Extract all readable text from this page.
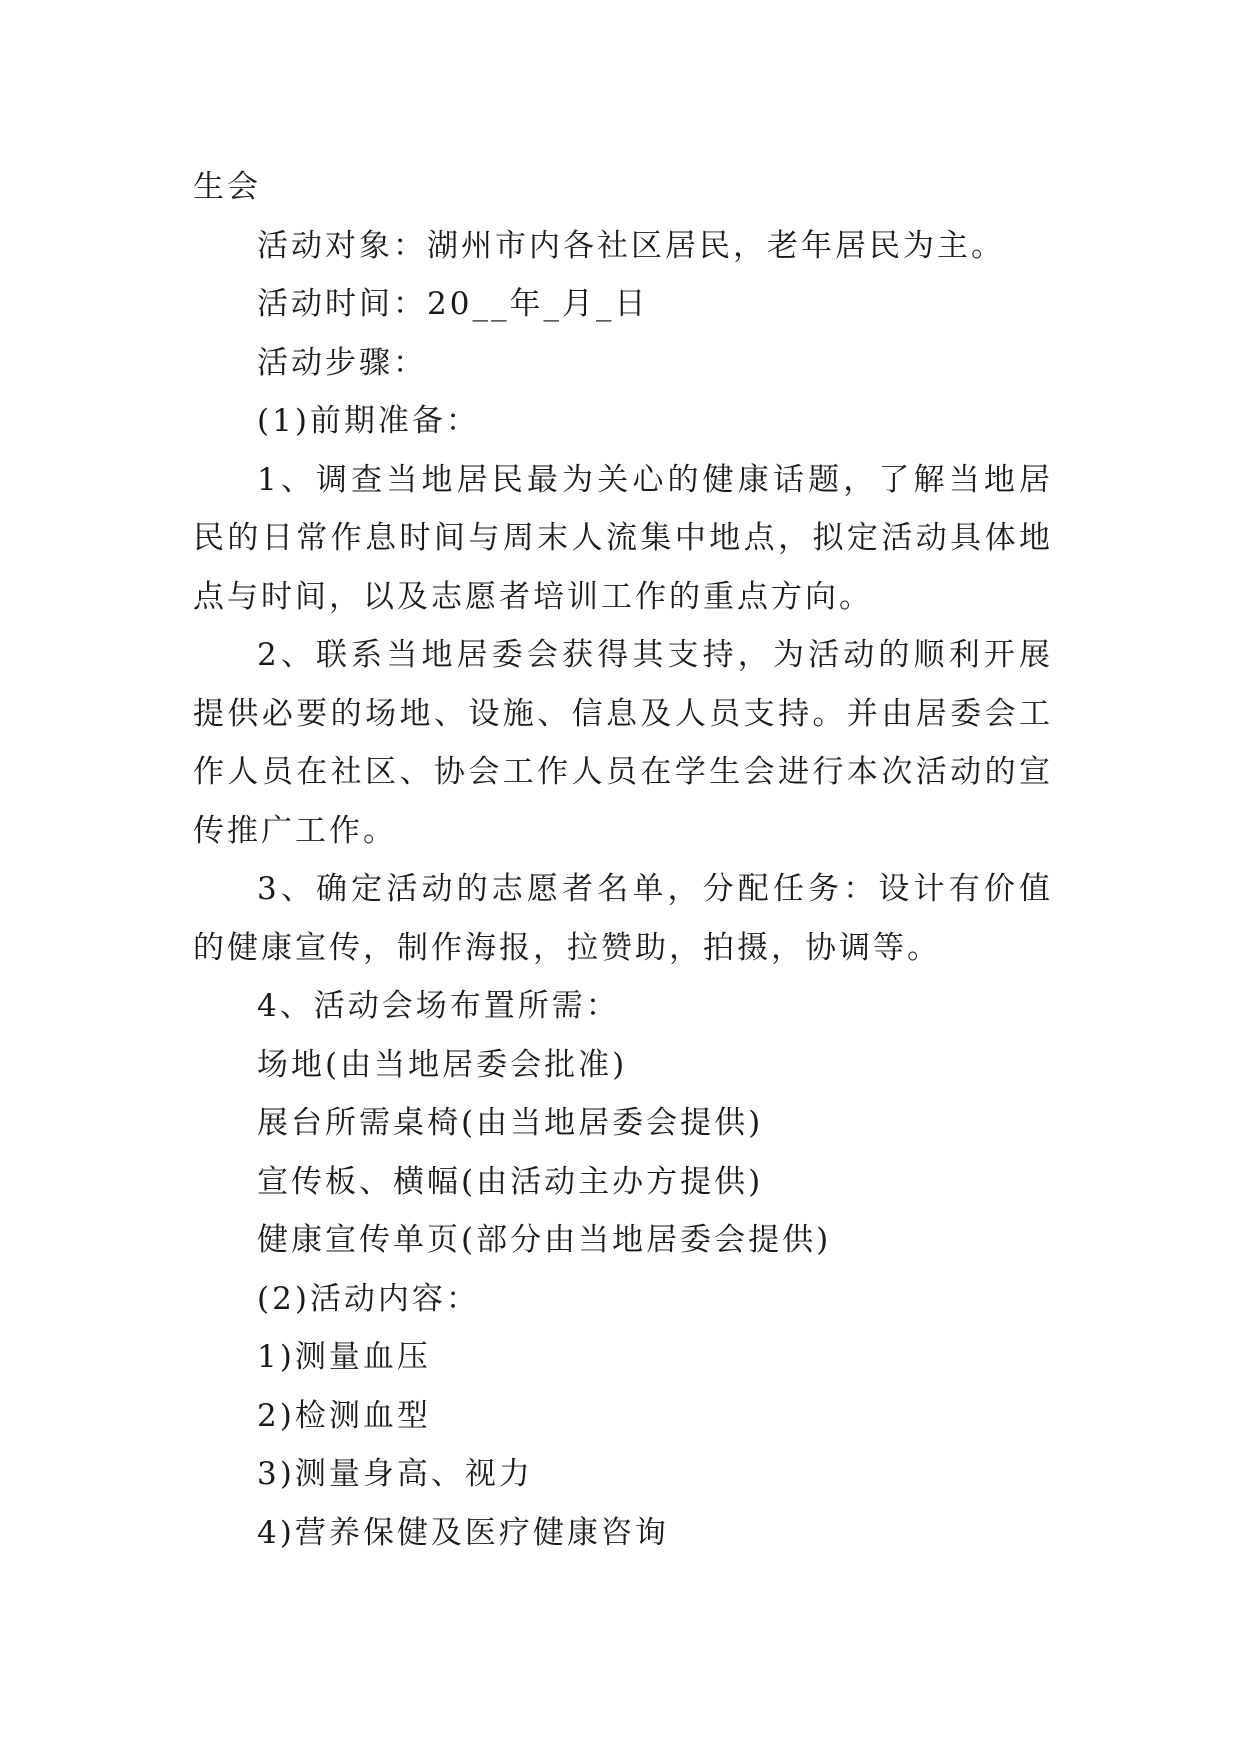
生会

活动对象：湖州市内各社区居民，老年居民为主。

活动时间：20__年_月_日

活动步骤：

(1)前期准备：

1、调查当地居民最为关心的健康话题，了解当地居民的日常作息时间与周末人流集中地点，拟定活动具体地点与时间，以及志愿者培训工作的重点方向。

2、联系当地居委会获得其支持，为活动的顺利开展提供必要的场地、设施、信息及人员支持。并由居委会工作人员在社区、协会工作人员在学生会进行本次活动的宣传推广工作。

3、确定活动的志愿者名单，分配任务：设计有价值的健康宣传，制作海报，拉赞助，拍摄，协调等。

4、活动会场布置所需：

场地(由当地居委会批准)

展台所需桌椅(由当地居委会提供)

宣传板、横幅(由活动主办方提供)

健康宣传单页(部分由当地居委会提供)

(2)活动内容：

1)测量血压

2)检测血型

3)测量身高、视力

4)营养保健及医疗健康咨询
